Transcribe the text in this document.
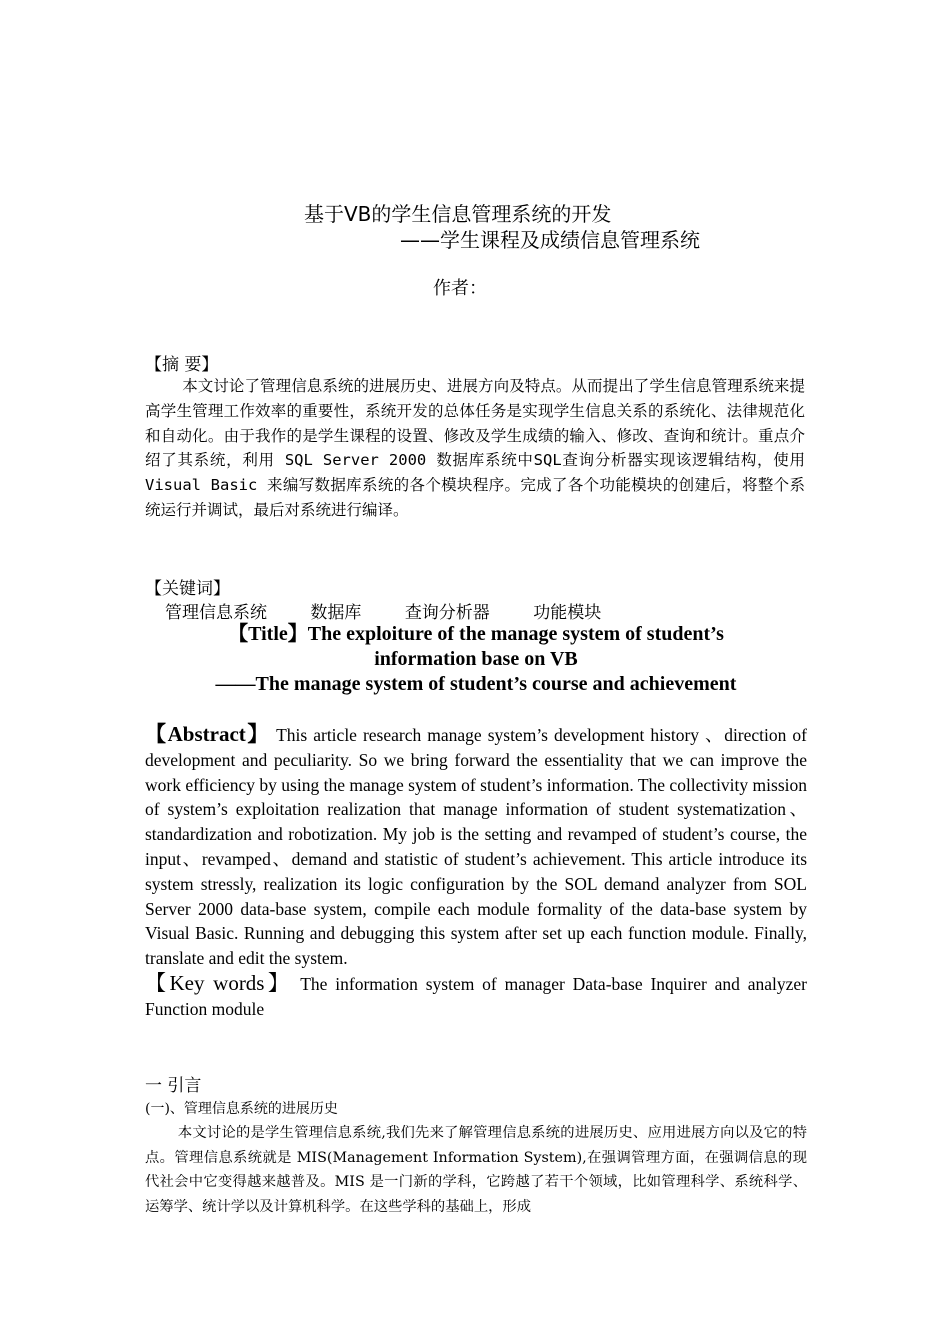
基于VB的学生信息管理系统的开发
——学生课程及成绩信息管理系统
作者：
【摘 要】

本文讨论了管理信息系统的进展历史、进展方向及特点。从而提出了学生信息管理系统来提高学生管理工作效率的重要性，系统开发的总体任务是实现学生信息关系的系统化、法律规范化和自动化。由于我作的是学生课程的设置、修改及学生成绩的输入、修改、查询和统计。重点介绍了其系统，利用 SQL Server 2000 数据库系统中SQL查询分析器实现该逻辑结构，使用 Visual Basic 来编写数据库系统的各个模块程序。完成了各个功能模块的创建后，将整个系统运行并调试，最后对系统进行编译。

【关键词】
管理信息系统	数据库	查询分析器	功能模块
【Title】The exploiture of the manage system of student’s
information base on VB
——The manage system of student’s course and achievement

【Abstract】 This article research manage system’s development history 、direction of development and peculiarity. So we bring forward the essentiality that we can improve the work efficiency by using the manage system of student’s information. The collectivity mission of system’s exploitation realization that manage information of student systematization、standardization and robotization. My job is the setting and revamped of student’s course, the input、revamped、demand and statistic of student’s achievement. This article introduce its system stressly, realization its logic configuration by the SOL demand analyzer from SOL Server 2000 data-base system, compile each module formality of the data-base system by Visual Basic. Running and debugging this system after set up each function module. Finally, translate and edit the system.

【Key words】 The information system of manager Data-base Inquirer and analyzer Function module

一 引言
(一)、管理信息系统的进展历史

本文讨论的是学生管理信息系统,我们先来了解管理信息系统的进展历史、应用进展方向以及它的特点。管理信息系统就是 MIS(Management Information System),在强调管理方面，在强调信息的现代社会中它变得越来越普及。MIS 是一门新的学科，它跨越了若干个领域，比如管理科学、系统科学、运筹学、统计学以及计算机科学。在这些学科的基础上，形成
